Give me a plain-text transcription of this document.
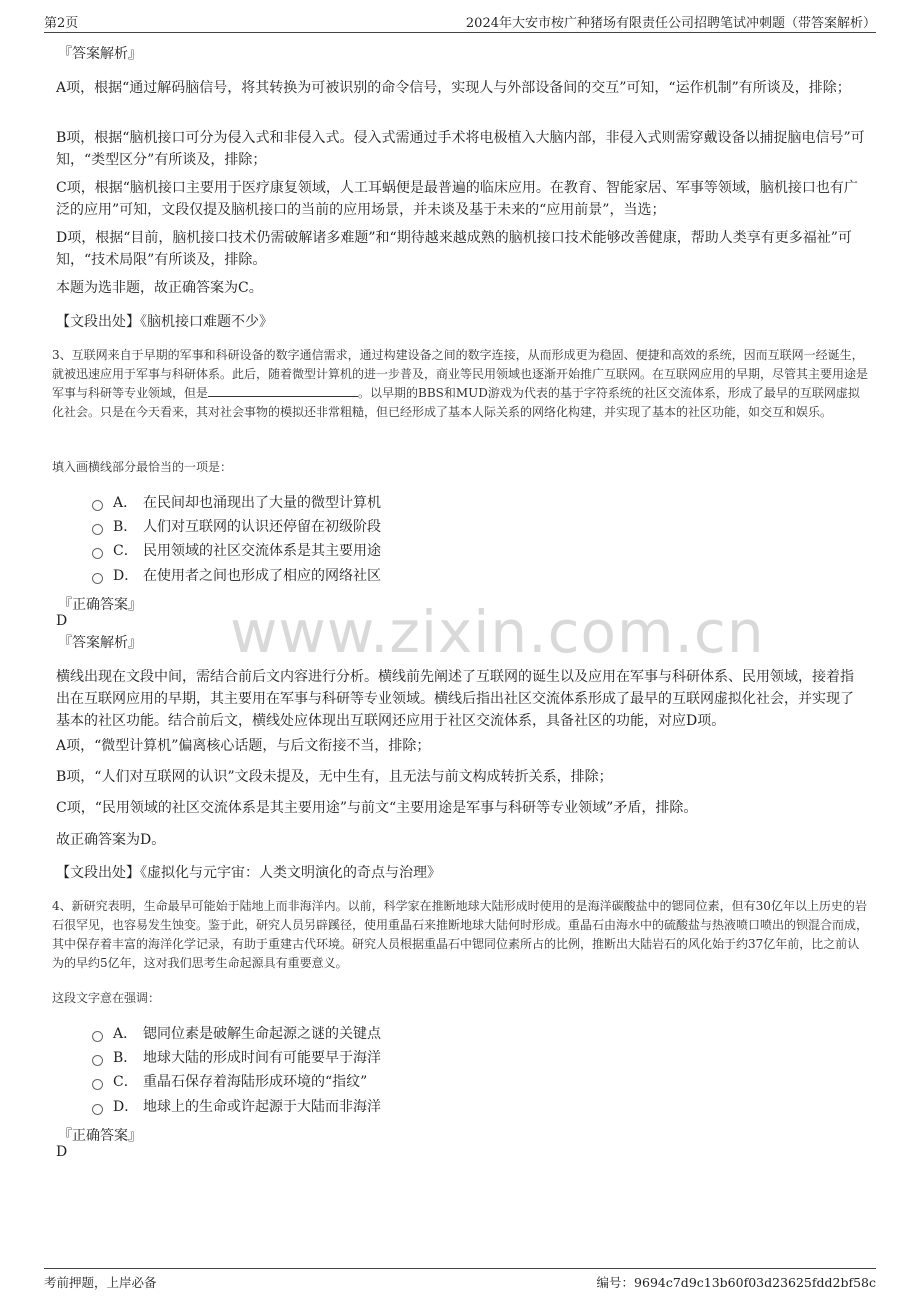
第2页	2024年大安市桉广种猪场有限责任公司招聘笔试冲刺题（带答案解析）
www.zixin.com.cn
『答案解析』
A项，根据“通过解码脑信号，将其转换为可被识别的命令信号，实现人与外部设备间的交互”可知，“运作机制”有所谈及，排除；
B项，根据“脑机接口可分为侵入式和非侵入式。侵入式需通过手术将电极植入大脑内部，非侵入式则需穿戴设备以捕捉脑电信号”可知，“类型区分”有所谈及，排除；
C项，根据“脑机接口主要用于医疗康复领域，人工耳蜗便是最普遍的临床应用。在教育、智能家居、军事等领域，脑机接口也有广泛的应用”可知，文段仅提及脑机接口的当前的应用场景，并未谈及基于未来的“应用前景”，当选；
D项，根据“目前，脑机接口技术仍需破解诸多难题”和“期待越来越成熟的脑机接口技术能够改善健康，帮助人类享有更多福祉”可知，“技术局限”有所谈及，排除。
本题为选非题，故正确答案为C。
【文段出处】《脑机接口难题不少》
3、互联网来自于早期的军事和科研设备的数字通信需求，通过构建设备之间的数字连接，从而形成更为稳固、便捷和高效的系统，因而互联网一经诞生，就被迅速应用于军事与科研体系。此后，随着微型计算机的进一步普及，商业等民用领域也逐渐开始推广互联网。在互联网应用的早期，尽管其主要用途是军事与科研等专业领域，但是	。以早期的BBS和MUD游戏为代表的基于字符系统的社区交流体系，形成了最早的互联网虚拟化社会。只是在今天看来，其对社会事物的模拟还非常粗糙，但已经形成了基本人际关系的网络化构建，并实现了基本的社区功能，如交互和娱乐。
填入画横线部分最恰当的一项是：
A． 在民间却也涌现出了大量的微型计算机
B． 人们对互联网的认识还停留在初级阶段
C． 民用领域的社区交流体系是其主要用途
D． 在使用者之间也形成了相应的网络社区
『正确答案』
D
『答案解析』
横线出现在文段中间，需结合前后文内容进行分析。横线前先阐述了互联网的诞生以及应用在军事与科研体系、民用领域，接着指出在互联网应用的早期，其主要用在军事与科研等专业领域。横线后指出社区交流体系形成了最早的互联网虚拟化社会，并实现了基本的社区功能。结合前后文，横线处应体现出互联网还应用于社区交流体系，具备社区的功能，对应D项。
A项，“微型计算机”偏离核心话题，与后文衔接不当，排除；
B项，“人们对互联网的认识”文段未提及，无中生有，且无法与前文构成转折关系，排除；
C项，“民用领域的社区交流体系是其主要用途”与前文“主要用途是军事与科研等专业领域”矛盾，排除。
故正确答案为D。
【文段出处】《虚拟化与元宇宙：人类文明演化的奇点与治理》
4、新研究表明，生命最早可能始于陆地上而非海洋内。以前，科学家在推断地球大陆形成时使用的是海洋碳酸盐中的锶同位素，但有30亿年以上历史的岩石很罕见，也容易发生蚀变。鉴于此，研究人员另辟蹊径，使用重晶石来推断地球大陆何时形成。重晶石由海水中的硫酸盐与热液喷口喷出的钡混合而成，其中保存着丰富的海洋化学记录，有助于重建古代环境。研究人员根据重晶石中锶同位素所占的比例，推断出大陆岩石的风化始于约37亿年前，比之前认为的早约5亿年，这对我们思考生命起源具有重要意义。
这段文字意在强调：
A． 锶同位素是破解生命起源之谜的关键点
B． 地球大陆的形成时间有可能要早于海洋
C． 重晶石保存着海陆形成环境的“指纹”
D． 地球上的生命或许起源于大陆而非海洋
『正确答案』
D
考前押题，上岸必备	编号：9694c7d9c13b60f03d23625fdd2bf58c
